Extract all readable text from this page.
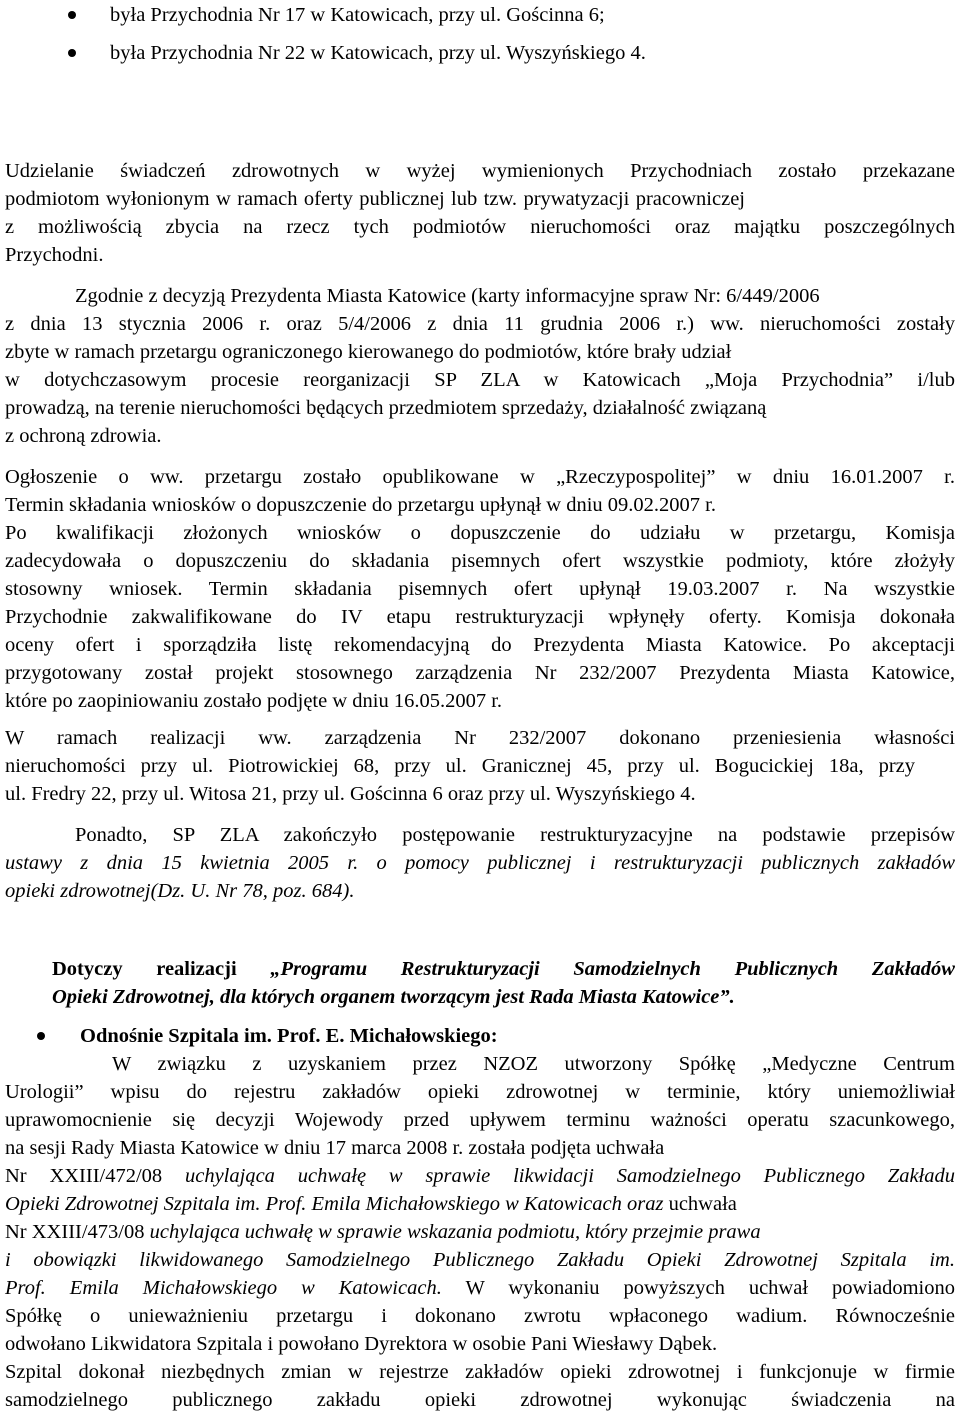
była Przychodnia Nr 17 w Katowicach, przy ul. Gościnna 6;
była Przychodnia Nr 22 w Katowicach, przy ul. Wyszyńskiego 4.
Udzielanie świadczeń zdrowotnych w wyżej wymienionych Przychodniach zostało przekazane
podmiotom wyłonionym w ramach oferty publicznej lub tzw. prywatyzacji pracowniczej
z możliwością zbycia na rzecz tych podmiotów nieruchomości oraz majątku poszczególnych
Przychodni.
Zgodnie z decyzją Prezydenta Miasta Katowice (karty informacyjne spraw Nr: 6/449/2006
z dnia 13 stycznia 2006 r. oraz 5/4/2006 z dnia 11 grudnia 2006 r.) ww. nieruchomości zostały
zbyte w ramach przetargu ograniczonego kierowanego do podmiotów, które brały udział
w dotychczasowym procesie reorganizacji SP ZLA w Katowicach „Moja Przychodnia” i/lub
prowadzą, na terenie nieruchomości będących przedmiotem sprzedaży, działalność związaną
z ochroną zdrowia.
Ogłoszenie o ww. przetargu zostało opublikowane w „Rzeczypospolitej” w dniu 16.01.2007 r.
Termin składania wniosków o dopuszczenie do przetargu upłynął w dniu 09.02.2007 r.
Po kwalifikacji złożonych wniosków o dopuszczenie do udziału w przetargu, Komisja
zadecydowała o dopuszczeniu do składania pisemnych ofert wszystkie podmioty, które złożyły
stosowny wniosek. Termin składania pisemnych ofert upłynął 19.03.2007 r. Na wszystkie
Przychodnie zakwalifikowane do IV etapu restrukturyzacji wpłynęły oferty. Komisja dokonała
oceny ofert i sporządziła listę rekomendacyjną do Prezydenta Miasta Katowice. Po akceptacji
przygotowany został projekt stosownego zarządzenia Nr 232/2007 Prezydenta Miasta Katowice,
które po zaopiniowaniu zostało podjęte w dniu 16.05.2007 r.
W ramach realizacji ww. zarządzenia Nr 232/2007 dokonano przeniesienia własności
nieruchomości przy ul. Piotrowickiej 68, przy ul. Granicznej 45, przy ul. Bogucickiej 18a, przy
ul. Fredry 22, przy ul. Witosa 21, przy ul. Gościnna 6 oraz przy ul. Wyszyńskiego 4.
Ponadto, SP ZLA zakończyło postępowanie restrukturyzacyjne na podstawie przepisów
ustawy z dnia 15 kwietnia 2005 r. o pomocy publicznej i restrukturyzacji publicznych zakładów
opieki zdrowotnej(Dz. U. Nr 78, poz. 684).
Dotyczy realizacji „Programu Restrukturyzacji Samodzielnych Publicznych Zakładów
Opieki Zdrowotnej, dla których organem tworzącym jest Rada Miasta Katowice”.
Odnośnie Szpitala im. Prof. E. Michałowskiego:
W związku z uzyskaniem przez NZOZ utworzony Spółkę „Medyczne Centrum
Urologii” wpisu do rejestru zakładów opieki zdrowotnej w terminie, który uniemożliwiał
uprawomocnienie się decyzji Wojewody przed upływem terminu ważności operatu szacunkowego,
na sesji Rady Miasta Katowice w dniu 17 marca 2008 r. została podjęta uchwała
Nr XXIII/472/08 uchylająca uchwałę w sprawie likwidacji Samodzielnego Publicznego Zakładu
Opieki Zdrowotnej Szpitala im. Prof. Emila Michałowskiego w Katowicach oraz uchwała
Nr XXIII/473/08 uchylająca uchwałę w sprawie wskazania podmiotu, który przejmie prawa
i obowiązki likwidowanego Samodzielnego Publicznego Zakładu Opieki Zdrowotnej Szpitala im.
Prof. Emila Michałowskiego w Katowicach. W wykonaniu powyższych uchwał powiadomiono
Spółkę o unieważnieniu przetargu i dokonano zwrotu wpłaconego wadium. Równocześnie
odwołano Likwidatora Szpitala i powołano Dyrektora w osobie Pani Wiesławy Dąbek.
Szpital dokonał niezbędnych zmian w rejestrze zakładów opieki zdrowotnej i funkcjonuje w firmie
samodzielnego publicznego zakładu opieki zdrowotnej wykonując świadczenia na
